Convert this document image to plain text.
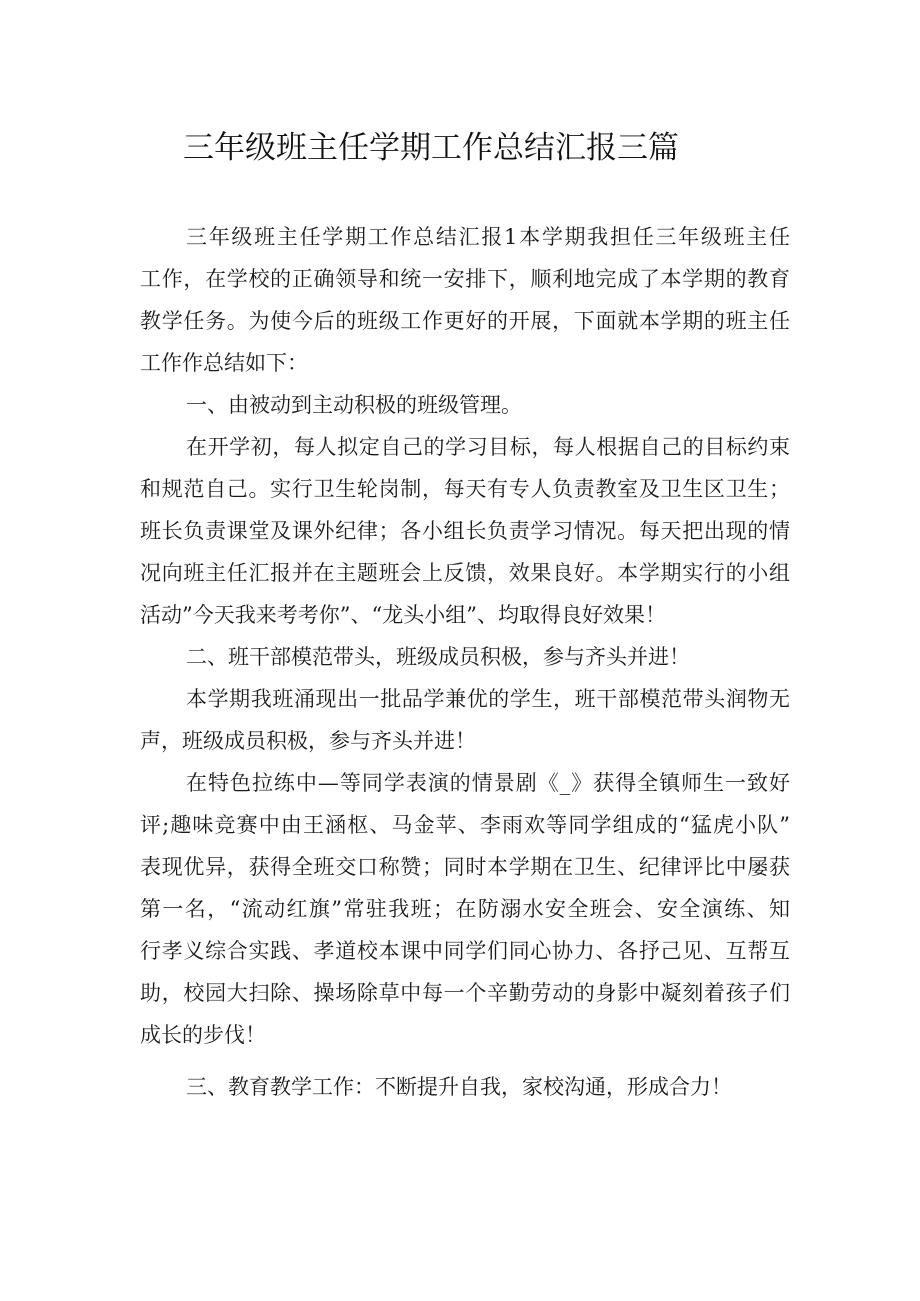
三年级班主任学期工作总结汇报三篇
三年级班主任学期工作总结汇报1本学期我担任三年级班主任
工作，在学校的正确领导和统一安排下，顺利地完成了本学期的教育
教学任务。为使今后的班级工作更好的开展，下面就本学期的班主任
工作作总结如下：
一、由被动到主动积极的班级管理。
在开学初，每人拟定自己的学习目标，每人根据自己的目标约束
和规范自己。实行卫生轮岗制，每天有专人负责教室及卫生区卫生；
班长负责课堂及课外纪律；各小组长负责学习情况。每天把出现的情
况向班主任汇报并在主题班会上反馈，效果良好。本学期实行的小组
活动”今天我来考考你”、“龙头小组”、均取得良好效果！
二、班干部模范带头，班级成员积极，参与齐头并进！
本学期我班涌现出一批品学兼优的学生，班干部模范带头润物无
声，班级成员积极，参与齐头并进！
在特色拉练中—等同学表演的情景剧《_》获得全镇师生一致好
评;趣味竞赛中由王涵枢、马金苹、李雨欢等同学组成的“猛虎小队”
表现优异，获得全班交口称赞；同时本学期在卫生、纪律评比中屡获
第一名，“流动红旗”常驻我班；在防溺水安全班会、安全演练、知
行孝义综合实践、孝道校本课中同学们同心协力、各抒己见、互帮互
助，校园大扫除、操场除草中每一个辛勤劳动的身影中凝刻着孩子们
成长的步伐！
三、教育教学工作：不断提升自我，家校沟通，形成合力！
